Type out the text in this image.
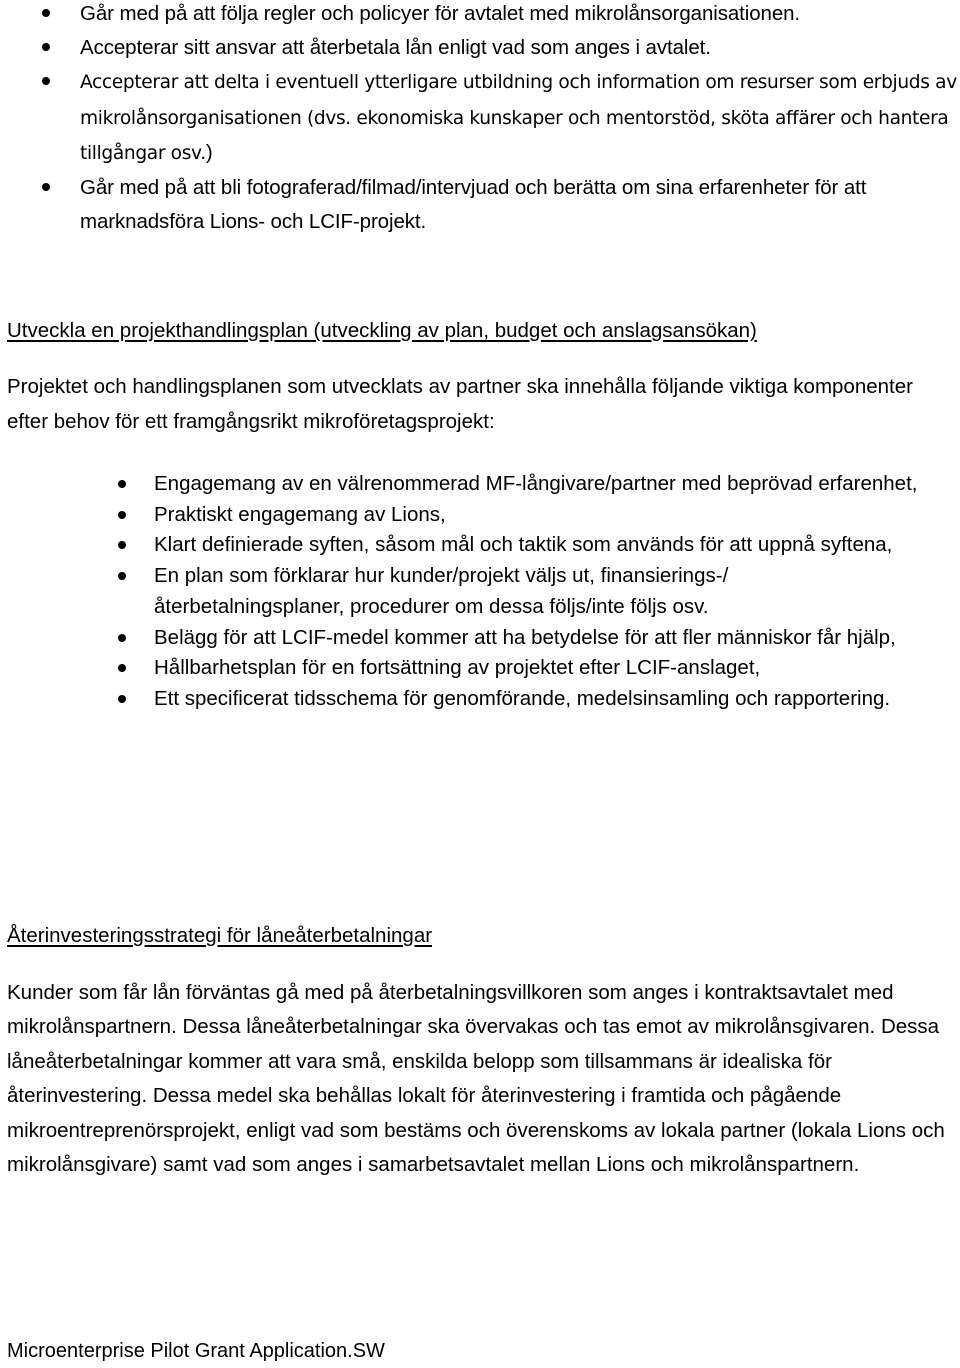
Går med på att följa regler och policyer för avtalet med mikrolånsorganisationen.
Accepterar sitt ansvar att återbetala lån enligt vad som anges i avtalet.
Accepterar att delta i eventuell ytterligare utbildning och information om resurser som erbjuds av mikrolånsorganisationen (dvs. ekonomiska kunskaper och mentorstöd, sköta affärer och hantera tillgångar osv.)
Går med på att bli fotograferad/filmad/intervjuad och berätta om sina erfarenheter för att marknadsföra Lions- och LCIF-projekt.
Utveckla en projekthandlingsplan (utveckling av plan, budget och anslagsansökan)

Projektet och handlingsplanen som utvecklats av partner ska innehålla följande viktiga komponenter efter behov för ett framgångsrikt mikroföretagsprojekt:

Engagemang av en välrenommerad MF-långivare/partner med beprövad erfarenhet,
Praktiskt engagemang av Lions,
Klart definierade syften, såsom mål och taktik som används för att uppnå syftena,
En plan som förklarar hur kunder/projekt väljs ut, finansierings-/återbetalningsplaner, procedurer om dessa följs/inte följs osv.
Belägg för att LCIF-medel kommer att ha betydelse för att fler människor får hjälp,
Hållbarhetsplan för en fortsättning av projektet efter LCIF-anslaget,
Ett specificerat tidsschema för genomförande, medelsinsamling och rapportering.
Återinvesteringsstrategi för låneåterbetalningar

Kunder som får lån förväntas gå med på återbetalningsvillkoren som anges i kontraktsavtalet med mikrolånspartnern. Dessa låneåterbetalningar ska övervakas och tas emot av mikrolånsgivaren. Dessa låneåterbetalningar kommer att vara små, enskilda belopp som tillsammans är idealiska för återinvestering. Dessa medel ska behållas lokalt för återinvestering i framtida och pågående mikroentreprenörsprojekt, enligt vad som bestäms och överenskoms av lokala partner (lokala Lions och mikrolånsgivare) samt vad som anges i samarbetsavtalet mellan Lions och mikrolånspartnern.

Microenterprise Pilot Grant Application.SW
